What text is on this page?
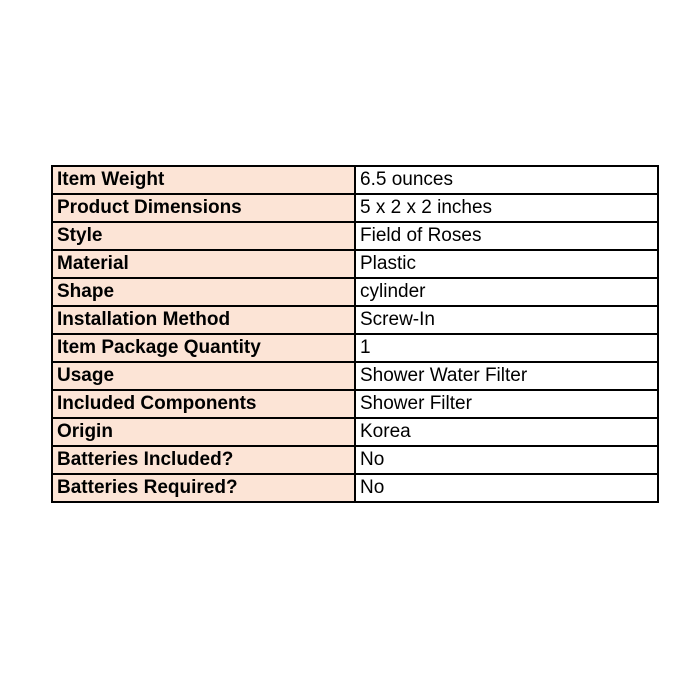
Item Weight	6.5 ounces
Product Dimensions	5 x 2 x 2 inches
Style	Field of Roses
Material	Plastic
Shape	cylinder
Installation Method	Screw-In
Item Package Quantity	1
Usage	Shower Water Filter
Included Components	Shower Filter
Origin	Korea
Batteries Included?	No
Batteries Required?	No
